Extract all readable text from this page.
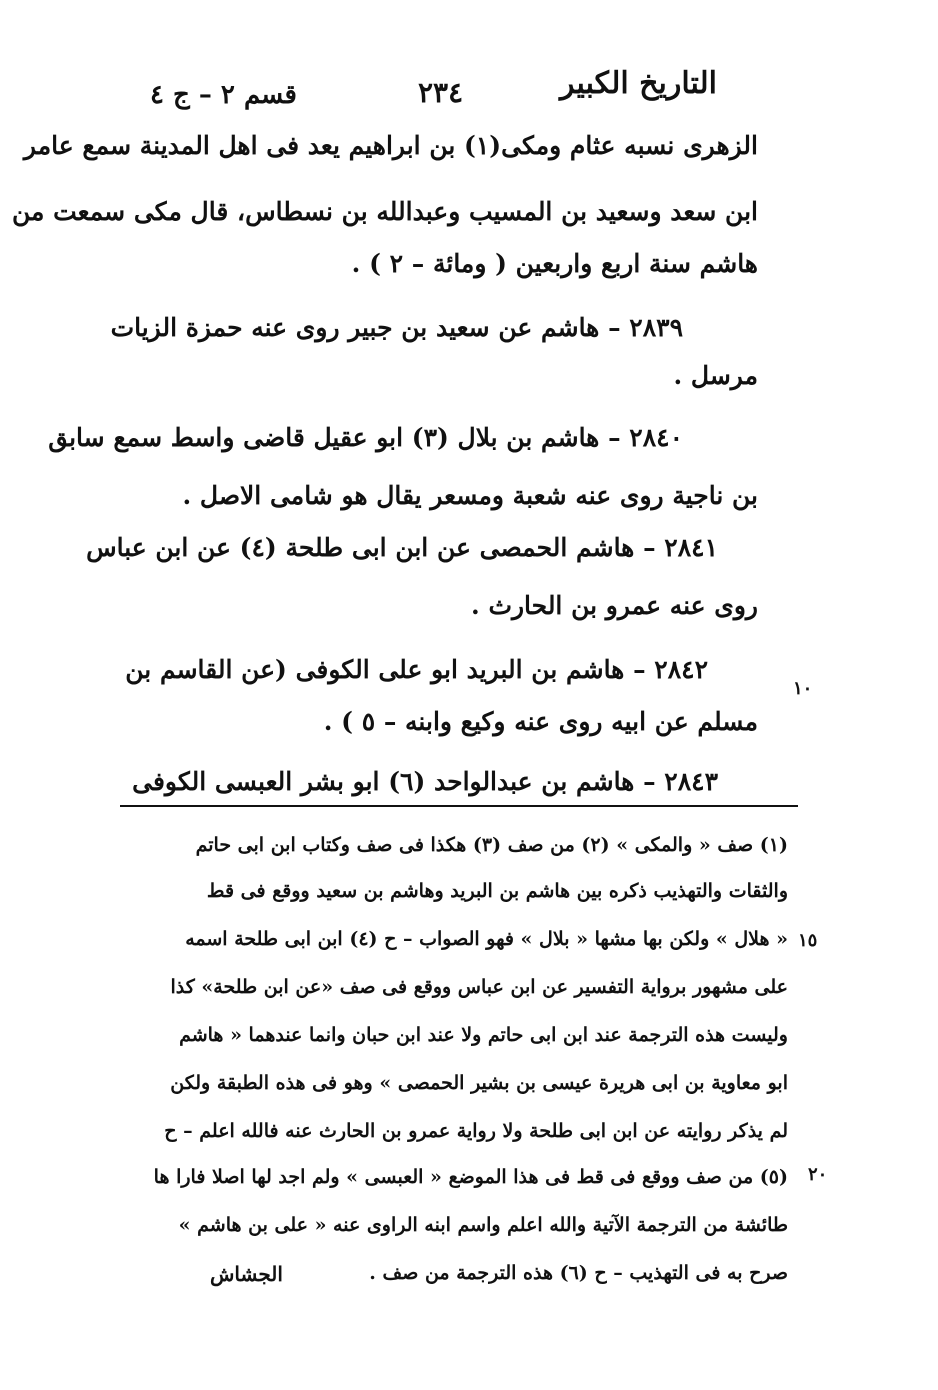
قسم ٢ – ج ٤	٢٣٤	التاريخ الكبير
الزهرى نسبه عثام ومكى(١) بن ابراهيم يعد فى اهل المدينة سمع عامر
ابن سعد وسعيد بن المسيب وعبدالله بن نسطاس، قال مكى سمعت من
هاشم سنة اربع واربعين ( ومائة – ٢ ) .
٢٨٣٩ – هاشم عن سعيد بن جبير روى عنه حمزة الزيات
مرسل .
٢٨٤٠ – هاشم بن بلال (٣) ابو عقيل قاضى واسط سمع سابق
بن ناجية روى عنه شعبة ومسعر يقال هو شامى الاصل .
٢٨٤١ – هاشم الحمصى عن ابن ابى طلحة (٤) عن ابن عباس
روى عنه عمرو بن الحارث .
٢٨٤٢ – هاشم بن البريد ابو على الكوفى (عن القاسم بن
مسلم عن ابيه روى عنه وكيع وابنه – ٥ ) .
٢٨٤٣ – هاشم بن عبدالواحد (٦) ابو بشر العبسى الكوفى
١٠
١٥
٢٠
(١) صف « والمكى » (٢) من صف (٣) هكذا فى صف وكتاب ابن ابى حاتم
والثقات والتهذيب ذكره بين هاشم بن البريد وهاشم بن سعيد ووقع فى قط
« هلال » ولكن بها مشها « بلال » فهو الصواب – ح (٤) ابن ابى طلحة اسمه
على مشهور برواية التفسير عن ابن عباس ووقع فى صف «عن ابن طلحة» كذا
وليست هذه الترجمة عند ابن ابى حاتم ولا عند ابن حبان وانما عندهما « هاشم
ابو معاوية بن ابى هريرة عيسى بن بشير الحمصى » وهو فى هذه الطبقة ولكن
لم يذكر روايته عن ابن ابى طلحة ولا رواية عمرو بن الحارث عنه فالله اعلم – ح
(٥) من صف ووقع فى قط فى هذا الموضع « العبسى » ولم اجد لها اصلا فارا ها
طائشة من الترجمة الآتية والله اعلم واسم ابنه الراوى عنه « على بن هاشم »
صرح به فى التهذيب – ح (٦) هذه الترجمة من صف .
الجشاش
